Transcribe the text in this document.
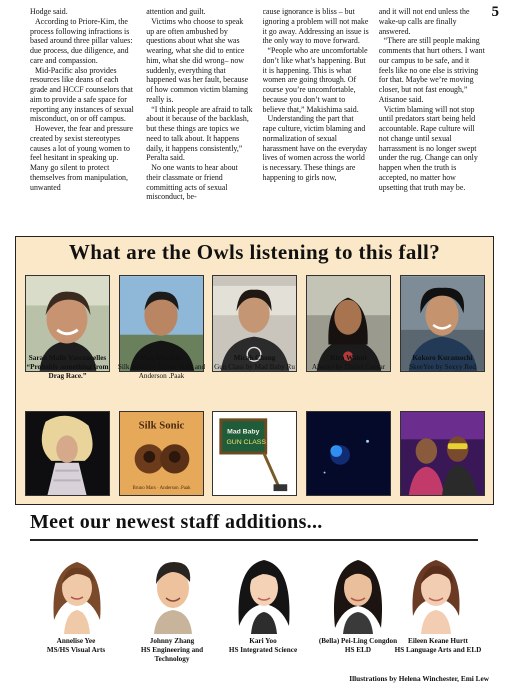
5

Hodge said.

According to Priore-Kim, the process following infractions is based around three pillar values: due process, due diligence, and care and compassion.

Mid-Pacific also provides resources like deans of each grade and HCCF counselors that aim to provide a safe space for reporting any instances of sexual misconduct, on or off campus.

However, the fear and pressure created by sexist stereotypes causes a lot of young women to feel hesitant in speaking up. Many go silent to protect themselves from manipulation, unwanted

attention and guilt.

Victims who choose to speak up are often ambushed by questions about what she was wearing, what she did to entice him, what she did wrong– now suddenly, everything that happened was her fault, because of how common victim blaming really is.

“I think people are afraid to talk about it because of the backlash, but these things are topics we need to talk about. It happens daily, it happens consistently,” Peralta said.

No one wants to hear about their classmate or friend committing acts of sexual misconduct, be-

cause ignorance is bliss – but ignoring a problem will not make it go away. Addressing an issue is the only way to move forward.

“People who are uncomfortable don’t like what’s happening. But it is happening. This is what women are going through. Of course you’re uncomfortable, because you don’t want to believe that,” Makishima said.

Understanding the part that rape culture, victim blaming and normalization of sexual harassment have on the everyday lives of women across the world is necessary. These things are happening to girls now,

and it will not end unless the wake-up calls are finally answered.

“There are still people making comments that hurt others. I want our campus to be safe, and it feels like no one else is striving for that. Maybe we’re moving closer, but not fast enough,” Atisanoe said.

Victim blaming will not stop until predators start being held accountable. Rape culture will not change until sexual harrassment is no longer swept under the rug. Change can only happen when the truth is accepted, no matter how upsetting that truth may be.

What are the Owls listening to this fall?
Sarah Maile Vasconcelles
“Probably something from Drag Race.”
Max Machida
Silk Sonic by Bruno Mars and Anderson .Paak
Micah Chong
Gun Class by Mad Baby Ru
Kira Wainit
Always by Daniel Caesar
Kokoro Kuramochi
SkeeYee by Sexyy Red
Silk Sonic
Bruno Mars · Anderson .Paak
Mad Baby
GUN CLASS
Meet our newest staff additions...
Annelise Yee
MS/HS Visual Arts
Johnny Zhang
HS Engineering and Technology
Kari Yoo
HS Integrated Science
(Bella) Pei-Ling Congdon
HS ELD
Eileen Keane Hurtt
HS Language Arts and ELD
Illustrations by Helena Winchester, Emi Lew
